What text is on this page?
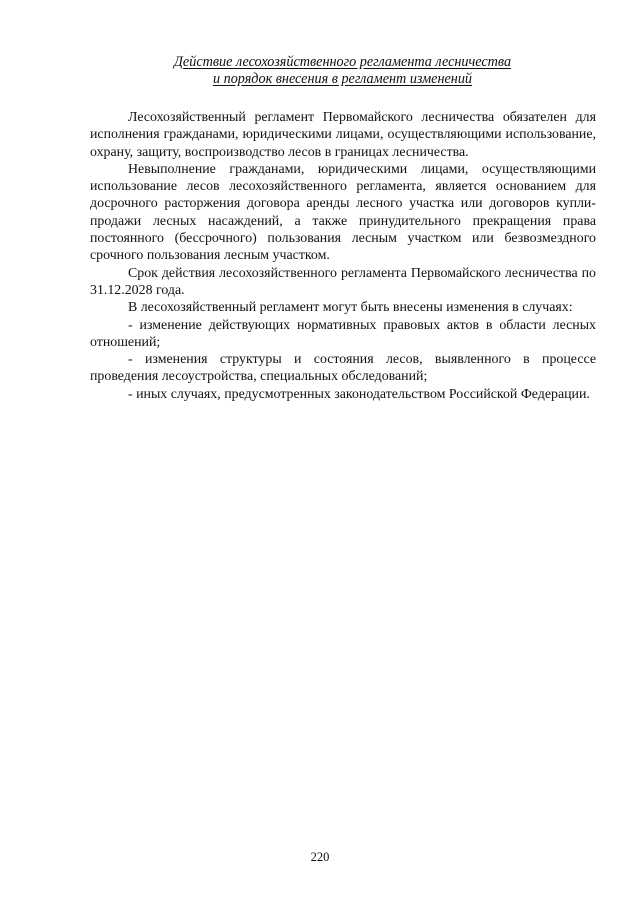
Действие лесохозяйственного регламента лесничества
и порядок внесения в регламент изменений

Лесохозяйственный регламент Первомайского лесничества обязателен для исполнения гражданами, юридическими лицами, осуществляющими использование, охрану, защиту, воспроизводство лесов в границах лесничества.

Невыполнение гражданами, юридическими лицами, осуществляющими использование лесов лесохозяйственного регламента, является основанием для досрочного расторжения договора аренды лесного участка или договоров купли-продажи лесных насаждений, а также принудительного прекращения права постоянного (бессрочного) пользования лесным участком или безвозмездного срочного пользования лесным участком.

Срок действия лесохозяйственного регламента Первомайского лесничества по 31.12.2028 года.

В лесохозяйственный регламент могут быть внесены изменения в случаях:

- изменение действующих нормативных правовых актов в области лесных отношений;

- изменения структуры и состояния лесов, выявленного в процессе проведения лесоустройства, специальных обследований;

- иных случаях, предусмотренных законодательством Российской Федерации.

220
